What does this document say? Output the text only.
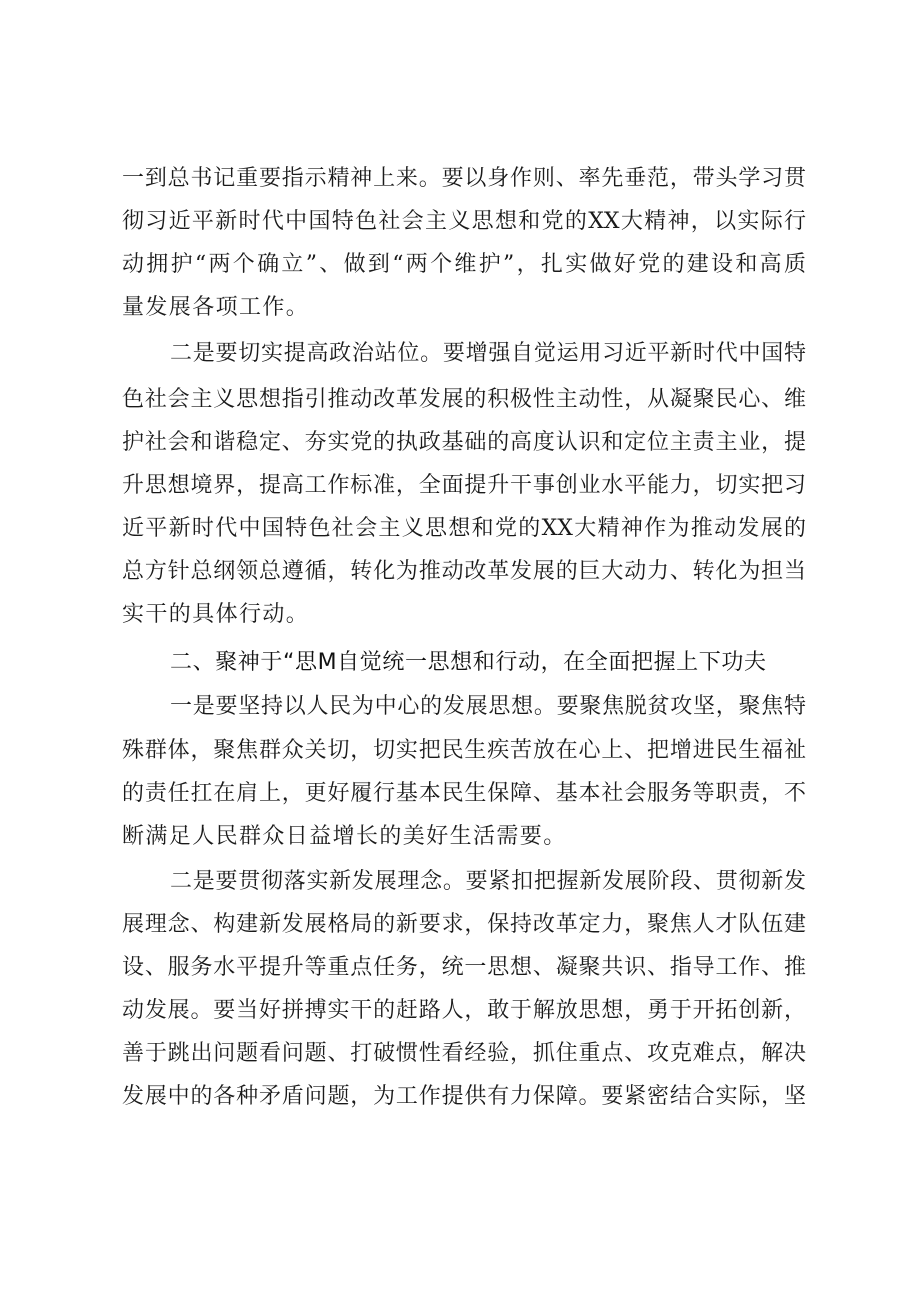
一到总书记重要指示精神上来。要以身作则、率先垂范，带头学习贯
彻习近平新时代中国特色社会主义思想和党的XX大精神，以实际行
动拥护“两个确立”、做到“两个维护”，扎实做好党的建设和高质
量发展各项工作。
二是要切实提高政治站位。要增强自觉运用习近平新时代中国特
色社会主义思想指引推动改革发展的积极性主动性，从凝聚民心、维
护社会和谐稳定、夯实党的执政基础的高度认识和定位主责主业，提
升思想境界，提高工作标准，全面提升干事创业水平能力，切实把习
近平新时代中国特色社会主义思想和党的XX大精神作为推动发展的
总方针总纲领总遵循，转化为推动改革发展的巨大动力、转化为担当
实干的具体行动。
二、聚神于“思M自觉统一思想和行动，在全面把握上下功夫
一是要坚持以人民为中心的发展思想。要聚焦脱贫攻坚，聚焦特
殊群体，聚焦群众关切，切实把民生疾苦放在心上、把增进民生福祉
的责任扛在肩上，更好履行基本民生保障、基本社会服务等职责，不
断满足人民群众日益增长的美好生活需要。
二是要贯彻落实新发展理念。要紧扣把握新发展阶段、贯彻新发
展理念、构建新发展格局的新要求，保持改革定力，聚焦人才队伍建
设、服务水平提升等重点任务，统一思想、凝聚共识、指导工作、推
动发展。要当好拼搏实干的赶路人，敢于解放思想，勇于开拓创新，
善于跳出问题看问题、打破惯性看经验，抓住重点、攻克难点，解决
发展中的各种矛盾问题，为工作提供有力保障。要紧密结合实际，坚
